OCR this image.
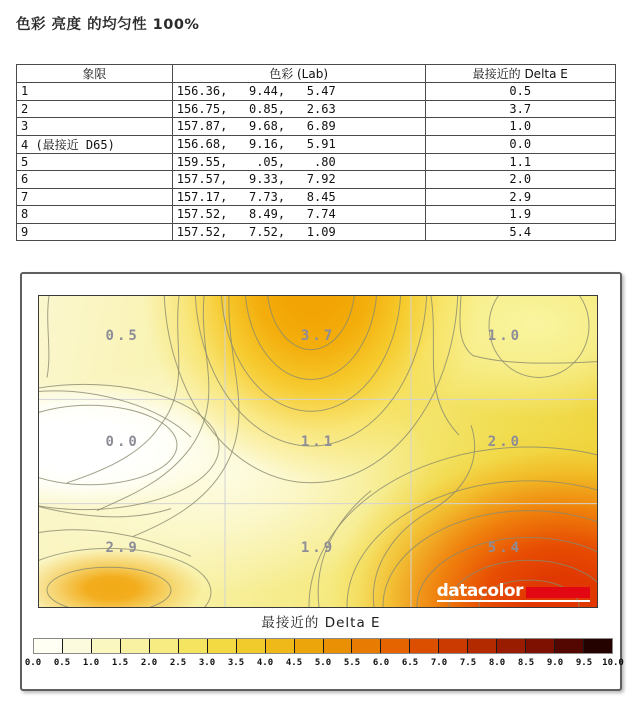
色彩 亮度 的均匀性 100%
象限	色彩 (Lab)	最接近的 Delta E
1	156.36,   9.44,   5.47	0.5
2	156.75,   0.85,   2.63	3.7
3	157.87,   9.68,   6.89	1.0
4 (最接近 D65)	156.68,   9.16,   5.91	0.0
5	159.55,    .05,    .80	1.1
6	157.57,   9.33,   7.92	2.0
7	157.17,   7.73,   8.45	2.9
8	157.52,   8.49,   7.74	1.9
9	157.52,   7.52,   1.09	5.4
0.5	3.7	1.0
0.0	1.1	2.0
2.9	1.9	5.4
datacolor
最接近的 Delta E
0.0 0.5 1.0 1.5 2.0 2.5 3.0 3.5 4.0 4.5 5.0 5.5 6.0 6.5 7.0 7.5 8.0 8.5 9.0 9.5 10.0
